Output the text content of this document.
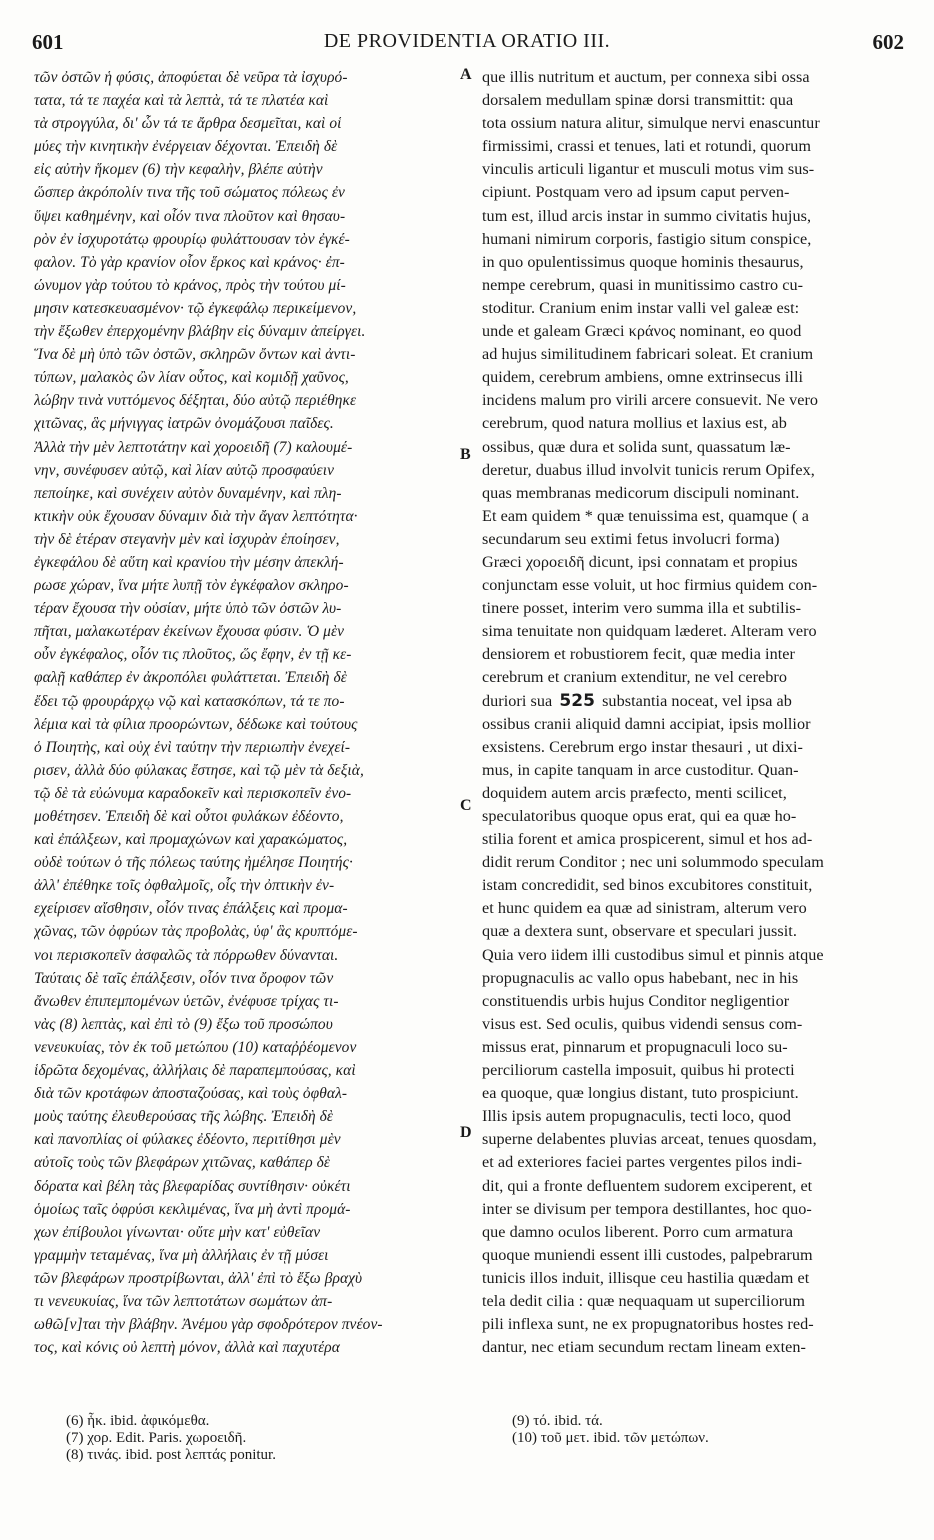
601	DE PROVIDENTIA ORATIO III.	602
τῶν ὀστῶν ἡ φύσις, ἀποφύεται δὲ νεῦρα τὰ ἰσχυρό-
τατα, τά τε παχέα καὶ τὰ λεπτὰ, τά τε πλατέα καὶ
τὰ στρογγύλα, δι' ὧν τά τε ἄρθρα δεσμεῖται, καὶ οἱ
μύες τὴν κινητικὴν ἐνέργειαν δέχονται. Ἐπειδὴ δὲ
εἰς αὐτὴν ἥκομεν (6) τὴν κεφαλὴν, βλέπε αὐτὴν
ὥσπερ ἀκρόπολίν τινα τῆς τοῦ σώματος πόλεως ἐν
ὕψει καθημένην, καὶ οἷόν τινα πλοῦτον καὶ θησαυ-
ρὸν ἐν ἰσχυροτάτῳ φρουρίῳ φυλάττουσαν τὸν ἐγκέ-
φαλον. Τὸ γὰρ κρανίον οἷον ἕρκος καὶ κράνος· ἐπ-
ώνυμον γὰρ τούτου τὸ κράνος, πρὸς τὴν τούτου μί-
μησιν κατεσκευασμένον· τῷ ἐγκεφάλῳ περικείμενον,
τὴν ἔξωθεν ἐπερχομένην βλάβην εἰς δύναμιν ἀπείργει.
Ἵνα δὲ μὴ ὑπὸ τῶν ὀστῶν, σκληρῶν ὄντων καὶ ἀντι-
τύπων, μαλακὸς ὢν λίαν οὗτος, καὶ κομιδῇ χαῦνος,
λώβην τινὰ νυττόμενος δέξηται, δύο αὐτῷ περιέθηκε
χιτῶνας, ἃς μήνιγγας ἰατρῶν ὀνομάζουσι παῖδες.
Ἀλλὰ τὴν μὲν λεπτοτάτην καὶ χοροειδῆ (7) καλουμέ-
νην, συνέφυσεν αὐτῷ, καὶ λίαν αὐτῷ προσφαύειν
πεποίηκε, καὶ συνέχειν αὐτὸν δυναμένην, καὶ πλη-
κτικὴν οὐκ ἔχουσαν δύναμιν διὰ τὴν ἄγαν λεπτότητα·
τὴν δὲ ἑτέραν στεγανὴν μὲν καὶ ἰσχυρὰν ἐποίησεν,
ἐγκεφάλου δὲ αὕτη καὶ κρανίου τὴν μέσην ἀπεκλή-
ρωσε χώραν, ἵνα μήτε λυπῇ τὸν ἐγκέφαλον σκληρο-
τέραν ἔχουσα τὴν οὐσίαν, μήτε ὑπὸ τῶν ὀστῶν λυ-
πῆται, μαλακωτέραν ἐκείνων ἔχουσα φύσιν. Ὁ μὲν
οὖν ἐγκέφαλος, οἷόν τις πλοῦτος, ὥς ἔφην, ἐν τῇ κε-
φαλῇ καθάπερ ἐν ἀκροπόλει φυλάττεται. Ἐπειδὴ δὲ
ἔδει τῷ φρουράρχῳ νῷ καὶ κατασκόπων, τά τε πο-
λέμια καὶ τὰ φίλια προορώντων, δέδωκε καὶ τούτους
ὁ Ποιητὴς, καὶ οὐχ ἑνὶ ταύτην τὴν περιωπὴν ἐνεχεί-
ρισεν, ἀλλὰ δύο φύλακας ἔστησε, καὶ τῷ μὲν τὰ δεξιὰ,
τῷ δὲ τὰ εὐώνυμα καραδοκεῖν καὶ περισκοπεῖν ἐνο-
μοθέτησεν. Ἐπειδὴ δὲ καὶ οὗτοι φυλάκων ἐδέοντο,
καὶ ἐπάλξεων, καὶ προμαχώνων καὶ χαρακώματος,
οὐδὲ τούτων ὁ τῆς πόλεως ταύτης ἠμέλησε Ποιητής·
ἀλλ' ἐπέθηκε τοῖς ὀφθαλμοῖς, οἷς τὴν ὀπτικὴν ἐν-
εχείρισεν αἴσθησιν, οἷόν τινας ἐπάλξεις καὶ προμα-
χῶνας, τῶν ὀφρύων τὰς προβολὰς, ὑφ' ἃς κρυπτόμε-
νοι περισκοπεῖν ἀσφαλῶς τὰ πόρρωθεν δύνανται.
Ταύταις δὲ ταῖς ἐπάλξεσιν, οἷόν τινα ὄροφον τῶν
ἄνωθεν ἐπιπεμπομένων ὑετῶν, ἐνέφυσε τρίχας τι-
νὰς (8) λεπτὰς, καὶ ἐπὶ τὸ (9) ἔξω τοῦ προσώπου
νενευκυίας, τὸν ἐκ τοῦ μετώπου (10) καταῤῥέομενον
ἱδρῶτα δεχομένας, ἀλλήλαις δὲ παραπεμπούσας, καὶ
διὰ τῶν κροτάφων ἀποσταζούσας, καὶ τοὺς ὀφθαλ-
μοὺς ταύτης ἐλευθερούσας τῆς λώβης. Ἐπειδὴ δὲ
καὶ πανοπλίας οἱ φύλακες ἐδέοντο, περιτίθησι μὲν
αὐτοῖς τοὺς τῶν βλεφάρων χιτῶνας, καθάπερ δὲ
δόρατα καὶ βέλη τὰς βλεφαρίδας συντίθησιν· οὐκέτι
ὁμοίως ταῖς ὀφρύσι κεκλιμένας, ἵνα μὴ ἀντὶ προμά-
χων ἐπίβουλοι γίνωνται· οὔτε μὴν κατ' εὐθεῖαν
γραμμὴν τεταμένας, ἵνα μὴ ἀλλήλαις ἐν τῇ μύσει
τῶν βλεφάρων προστρίβωνται, ἀλλ' ἐπὶ τὸ ἔξω βραχὺ
τι νενευκυίας, ἵνα τῶν λεπτοτάτων σωμάτων ἀπ-
ωθῶ[ν]ται τὴν βλάβην. Ἀνέμου γὰρ σφοδρότερον πνέον-
τος, καὶ κόνις οὐ λεπτὴ μόνον, ἀλλὰ καὶ παχυτέρα
A
B
C
D
que illis nutritum et auctum, per connexa sibi ossa
dorsalem medullam spinæ dorsi transmittit: qua
tota ossium natura alitur, simulque nervi enascuntur
firmissimi, crassi et tenues, lati et rotundi, quorum
vinculis articuli ligantur et musculi motus vim sus-
cipiunt. Postquam vero ad ipsum caput perven-
tum est, illud arcis instar in summo civitatis hujus,
humani nimirum corporis, fastigio situm conspice,
in quo opulentissimus quoque hominis thesaurus,
nempe cerebrum, quasi in munitissimo castro cu-
stoditur. Cranium enim instar valli vel galeæ est:
unde et galeam Græci κράνος nominant, eo quod
ad hujus similitudinem fabricari soleat. Et cranium
quidem, cerebrum ambiens, omne extrinsecus illi
incidens malum pro virili arcere consuevit. Ne vero
cerebrum, quod natura mollius et laxius est, ab
ossibus, quæ dura et solida sunt, quassatum læ-
deretur, duabus illud involvit tunicis rerum Opifex,
quas membranas medicorum discipuli nominant.
Et eam quidem * quæ tenuissima est, quamque ( a
secundarum seu extimi fetus involucri forma)
Græci χοροειδῆ dicunt, ipsi connatam et propius
conjunctam esse voluit, ut hoc firmius quidem con-
tinere posset, interim vero summa illa et subtilis-
sima tenuitate non quidquam læderet. Alteram vero
densiorem et robustiorem fecit, quæ media inter
cerebrum et cranium extenditur, ne vel cerebro
duriori sua 525 substantia noceat, vel ipsa ab
ossibus cranii aliquid damni accipiat, ipsis mollior
exsistens. Cerebrum ergo instar thesauri , ut dixi-
mus, in capite tanquam in arce custoditur. Quan-
doquidem autem arcis præfecto, menti scilicet,
speculatoribus quoque opus erat, qui ea quæ ho-
stilia forent et amica prospicerent, simul et hos ad-
didit rerum Conditor ; nec uni solummodo speculam
istam concredidit, sed binos excubitores constituit,
et hunc quidem ea quæ ad sinistram, alterum vero
quæ a dextera sunt, observare et speculari jussit.
Quia vero iidem illi custodibus simul et pinnis atque
propugnaculis ac vallo opus habebant, nec in his
constituendis urbis hujus Conditor negligentior
visus est. Sed oculis, quibus videndi sensus com-
missus erat, pinnarum et propugnaculi loco su-
perciliorum castella imposuit, quibus hi protecti
ea quoque, quæ longius distant, tuto prospiciunt.
Illis ipsis autem propugnaculis, tecti loco, quod
superne delabentes pluvias arceat, tenues quosdam,
et ad exteriores faciei partes vergentes pilos indi-
dit, qui a fronte defluentem sudorem exciperent, et
inter se divisum per tempora destillantes, hoc quo-
que damno oculos liberent. Porro cum armatura
quoque muniendi essent illi custodes, palpebrarum
tunicis illos induit, illisque ceu hastilia quædam et
tela dedit cilia : quæ nequaquam ut superciliorum
pili inflexa sunt, ne ex propugnatoribus hostes red-
dantur, nec etiam secundum rectam lineam exten-
(6) ἧκ. ibid. ἀφικόμεθα.
(7) χορ. Edit. Paris. χωροειδῆ.
(8) τινάς. ibid. post λεπτάς ponitur.
(9) τό. ibid. τά.
(10) τοῦ μετ. ibid. τῶν μετώπων.
